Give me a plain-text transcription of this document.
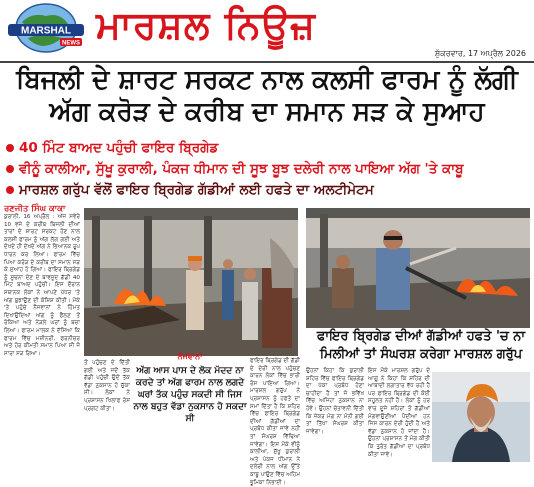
MARSHAL
NEWS ਮਾਰਸ਼ਲ ਨਿਊਜ਼
ਸ਼ੁੱਕਰਵਾਰ, 17 ਅਪ੍ਰੈਲ 2026
ਬਿਜਲੀ ਦੇ ਸ਼ਾਰਟ ਸਰਕਟ ਨਾਲ ਕਲਸੀ ਫਾਰਮ ਨੂੰ ਲੱਗੀ
ਅੱਗ ਕਰੋੜ ਦੇ ਕਰੀਬ ਦਾ ਸਮਾਨ ਸੜ ਕੇ ਸੁਆਹ
40 ਮਿੰਟ ਬਾਅਦ ਪਹੁੰਚੀ ਫਾਇਰ ਬ੍ਰਿਗੇਡ
ਵੀਨੂੰ ਕਾਲੀਆ, ਸੁੱਖੂ ਕੁਰਾਲੀ, ਪੰਕਜ ਧੀਮਾਨ ਦੀ ਸੂਝ ਬੂਝ ਦਲੇਰੀ ਨਾਲ ਪਾਇਆ ਅੱਗ 'ਤੇ ਕਾਬੂ
ਮਾਰਸ਼ਲ ਗਰੁੱਪ ਵੱਲੋਂ ਫਾਇਰ ਬ੍ਰਿਗੇਡ ਗੱਡੀਆਂ ਲਈ ਹਫਤੇ ਦਾ ਅਲਟੀਮੇਟਮ
ਰਣਜੀਤ ਸਿੰਘ ਕਾਕਾ
ਕੁਰਾਲੀ, 16 ਅਪ੍ਰੈਲ : ਅੱਜ ਸਵੇਰੇ 10 ਵਜੇ ਦੇ ਕਰੀਬ ਬਿਜਲੀ ਦੀਆਂ ਤਾਰਾਂ ਦੇ ਸ਼ਾਰਟ ਸਰਕਟ ਹੋਣ ਨਾਲ ਕਲਸੀ ਫਾਰਮ ਨੂੰ ਅੱਗ ਲੱਗ ਗਈ ਅਤੇ ਦੇਖਦੇ ਹੀ ਦੇਖਦੇ ਅੱਗ ਨੇ ਭਿਆਨਕ ਰੂਪ ਧਾਰਨ ਕਰ ਲਿਆ। ਫਾਰਮ ਵਿੱਚ ਪਿਆ ਕਰੋੜ ਦੇ ਕਰੀਬ ਦਾ ਸਮਾਨ ਸੜ ਕੇ ਸੁਆਹ ਹੋ ਗਿਆ। ਫਾਇਰ ਬ੍ਰਿਗੇਡ ਨੂੰ ਸੂਚਨਾ ਦੇਣ ਦੇ ਬਾਵਜੂਦ ਗੱਡੀ 40 ਮਿੰਟ ਬਾਅਦ ਪਹੁੰਚੀ। ਇਸ ਦੌਰਾਨ ਸਥਾਨਕ ਲੋਕਾਂ ਨੇ ਆਪਣੇ ਪੱਧਰ 'ਤੇ ਅੱਗ ਬੁਝਾਉਣ ਦੀ ਕੋਸ਼ਿਸ਼ ਕੀਤੀ। ਮੌਕੇ 'ਤੇ ਪਹੁੰਚੇ ਨੌਜਵਾਨਾਂ ਨੇ ਹਿੰਮਤ ਦਿਖਾਉਂਦਿਆਂ ਅੱਗ ਨੂੰ ਫੈਲਣ ਤੋਂ ਰੋਕਿਆ ਅਤੇ ਨੇੜਲੇ ਘਰਾਂ ਨੂੰ ਬਚਾ ਲਿਆ। ਫਾਰਮ ਮਾਲਕ ਨੇ ਦੱਸਿਆ ਕਿ ਫਾਰਮ ਵਿੱਚ ਮਸ਼ੀਨਰੀ, ਫਰਨੀਚਰ ਅਤੇ ਹੋਰ ਕੀਮਤੀ ਸਮਾਨ ਪਿਆ ਸੀ ਜੋ ਸਾਰਾ ਸੜ ਗਿਆ।
ਤੋਂ ਪਹੁੰਚਣ ਦੇ ਦਿੱਤੀ ਗਈ ਅਤੇ ਜਦੋਂ ਤੱਕ ਗੱਡੀ ਪਹੁੰਚੀ ਉਦੋਂ ਤੱਕ ਵੱਡਾ ਨੁਕਸਾਨ ਹੋ ਚੁੱਕਾ ਸੀ। ਲੋਕਾਂ ਨੇ ਪ੍ਰਸ਼ਾਸਨ ਖਿਲਾਫ ਰੋਸ ਪ੍ਰਗਟ ਕੀਤਾ।
ਨੌਜਵਾਨਾਂ
ਅੱਗ ਆਸ ਪਾਸ ਦੇ ਲੋਕ ਮੱਦਦ ਨਾ ਕਰਦੇ ਤਾਂ ਅੱਗ ਫਾਰਮ ਨਾਲ ਲਗਦੇ ਘਰਾਂ ਤੱਕ ਪਹੁੰਚ ਸਕਦੀ ਸੀ ਜਿਸ ਨਾਲ ਬਹੁਤ ਵੱਡਾ ਨੁਕਸਾਨ ਹੋ ਸਕਦਾ ਸੀ
ਫਾਇਰ ਬ੍ਰਿਗੇਡ ਦੀ ਗੱਡੀ ਦੇ ਦੇਰੀ ਨਾਲ ਪਹੁੰਚਣ ਕਾਰਨ ਲੋਕਾਂ ਵਿੱਚ ਭਾਰੀ ਰੋਸ ਪਾਇਆ ਗਿਆ। ਮਾਰਸ਼ਲ ਗਰੁੱਪ ਨੇ ਪ੍ਰਸ਼ਾਸਨ ਨੂੰ ਹਫਤੇ ਦਾ ਸਮਾਂ ਦਿੱਤਾ ਹੈ ਕਿ ਸ਼ਹਿਰ ਵਿੱਚ ਫਾਇਰ ਬ੍ਰਿਗੇਡ ਦੀਆਂ ਗੱਡੀਆਂ ਦਾ ਪ੍ਰਬੰਧ ਕੀਤਾ ਜਾਵੇ ਨਹੀਂ ਤਾਂ ਸੰਘਰਸ਼ ਵਿੱਢਿਆ ਜਾਵੇਗਾ। ਇਸ ਮੌਕੇ ਵੀਨੂੰ ਕਾਲੀਆ, ਸੁੱਖੂ ਕੁਰਾਲੀ ਅਤੇ ਪੰਕਜ ਧੀਮਾਨ ਨੇ ਦਲੇਰੀ ਨਾਲ ਅੱਗ ਉੱਤੇ ਕਾਬੂ ਪਾਉਣ ਵਿੱਚ ਅਹਿਮ ਭੂਮਿਕਾ ਨਿਭਾਈ।
ਫਾਇਰ ਬ੍ਰਿਗੇਡ ਦੀਆਂ ਗੱਡੀਆਂ ਹਫਤੇ 'ਚ ਨਾ
ਮਿਲੀਆਂ ਤਾਂ ਸੰਘਰਸ਼ ਕਰੇਗਾ ਮਾਰਸ਼ਲ ਗਰੁੱਪ
ਉਹਨਾਂ ਕਿਹਾ ਕਿ ਕੁਰਾਲੀ ਸ਼ਹਿਰ ਵਿੱਚ ਫਾਇਰ ਬ੍ਰਿਗੇਡ ਦਾ ਪੱਕਾ ਪ੍ਰਬੰਧ ਹੋਣਾ ਚਾਹੀਦਾ ਹੈ ਤਾਂ ਜੋ ਭਵਿੱਖ ਵਿੱਚ ਅਜਿਹਾ ਨੁਕਸਾਨ ਨਾ ਹੋਵੇ। ਉਹਨਾਂ ਚੇਤਾਵਨੀ ਦਿੱਤੀ ਕਿ ਜੇਕਰ ਮੰਗ ਨਾ ਮੰਨੀ ਗਈ ਤਾਂ ਤਿੱਖਾ ਸੰਘਰਸ਼ ਕੀਤਾ ਜਾਵੇਗਾ।
ਇਸ ਮੌਕੇ ਮਾਰਸ਼ਲ ਗਰੁੱਪ ਦੇ ਆਗੂ ਨੇ ਕਿਹਾ ਕਿ ਸ਼ਹਿਰ ਦੀ ਆਬਾਦੀ ਲਗਾਤਾਰ ਵੱਧ ਰਹੀ ਹੈ ਪਰ ਫਾਇਰ ਬ੍ਰਿਗੇਡ ਦੀ ਕੋਈ ਸਹੂਲਤ ਨਹੀਂ ਹੈ। ਲੋਕਾਂ ਨੂੰ ਹਰ ਵਾਰ ਦੂਜੇ ਸ਼ਹਿਰਾਂ ਤੋਂ ਗੱਡੀਆਂ ਮੰਗਵਾਉਣੀਆਂ ਪੈਂਦੀਆਂ ਹਨ ਜਿਸ ਕਾਰਨ ਦੇਰੀ ਹੁੰਦੀ ਹੈ ਅਤੇ ਵੱਡਾ ਨੁਕਸਾਨ ਹੋ ਜਾਂਦਾ ਹੈ। ਉਹਨਾਂ ਪ੍ਰਸ਼ਾਸਨ ਤੋਂ ਮੰਗ ਕੀਤੀ ਕਿ ਤੁਰੰਤ ਗੱਡੀਆਂ ਦਾ ਪ੍ਰਬੰਧ ਕੀਤਾ ਜਾਵੇ।
